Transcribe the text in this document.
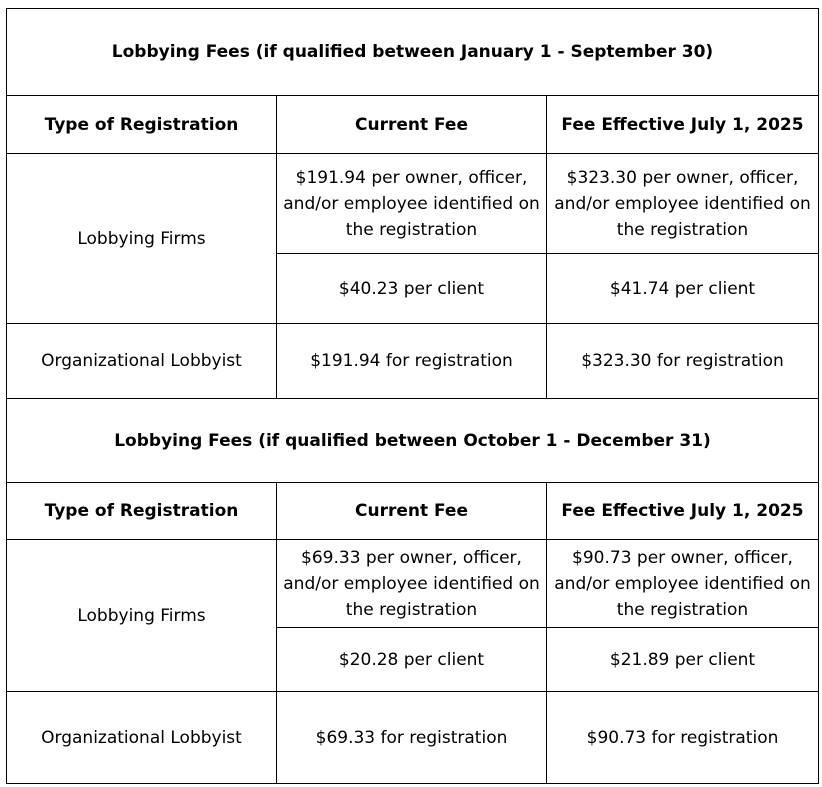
Lobbying Fees (if qualified between January 1 - September 30)		
Type of Registration	Current Fee	Fee Effective July 1, 2025
Lobbying Firms	$191.94 per owner, officer, and/or employee identified on the registration	$323.30 per owner, officer, and/or employee identified on the registration
	$40.23 per client	$41.74 per client
Organizational Lobbyist	$191.94 for registration	$323.30 for registration
Lobbying Fees (if qualified between October 1 - December 31)		
Type of Registration	Current Fee	Fee Effective July 1, 2025
Lobbying Firms	$69.33 per owner, officer, and/or employee identified on the registration	$90.73 per owner, officer, and/or employee identified on the registration
	$20.28 per client	$21.89 per client
Organizational Lobbyist	$69.33 for registration	$90.73 for registration
